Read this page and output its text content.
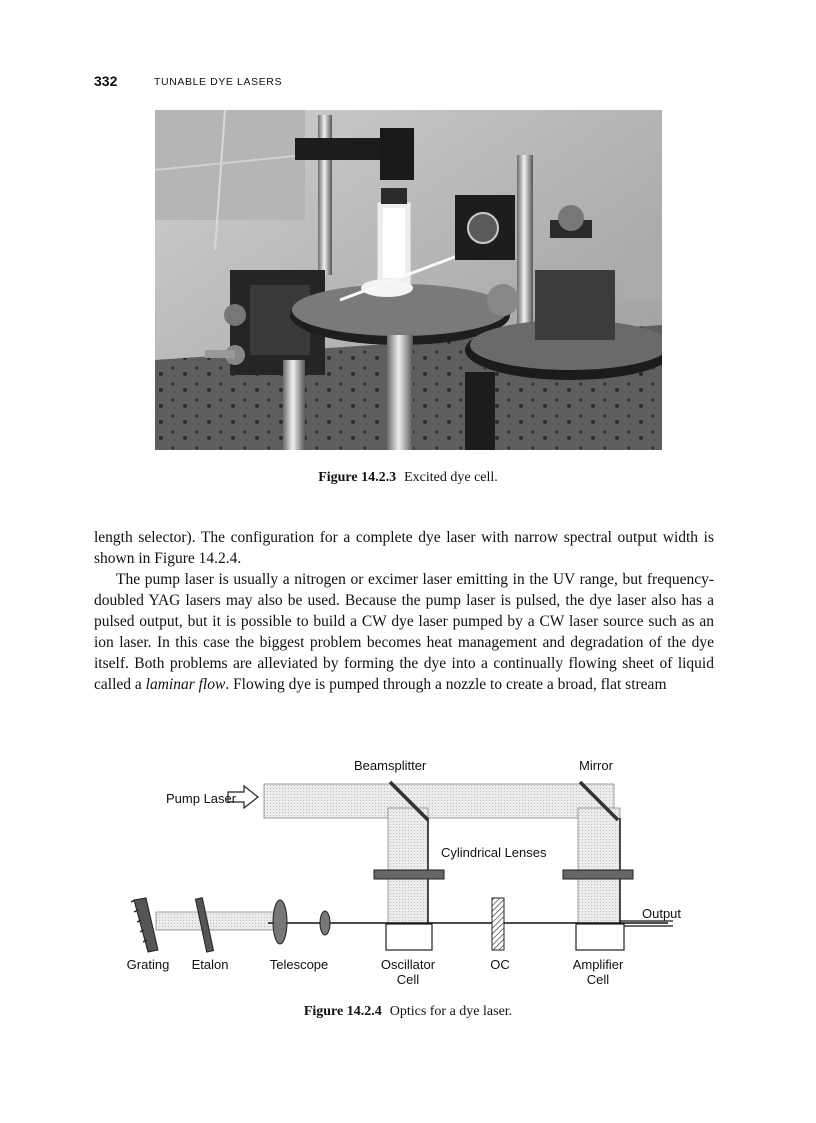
332	TUNABLE DYE LASERS
Figure 14.2.3 Excited dye cell.

length selector). The configuration for a complete dye laser with narrow spectral output width is shown in Figure 14.2.4.

The pump laser is usually a nitrogen or excimer laser emitting in the UV range, but frequency-doubled YAG lasers may also be used. Because the pump laser is pulsed, the dye laser also has a pulsed output, but it is possible to build a CW dye laser pumped by a CW laser source such as an ion laser. In this case the biggest problem becomes heat management and degradation of the dye itself. Both problems are alleviated by forming the dye into a continually flowing sheet of liquid called a laminar flow. Flowing dye is pumped through a nozzle to create a broad, flat stream

Pump Laser
Beamsplitter	Mirror
Cylindrical Lenses
Output
Grating Etalon	Telescope	Oscillator
Cell
OC	Amplifier
Cell
Figure 14.2.4 Optics for a dye laser.
